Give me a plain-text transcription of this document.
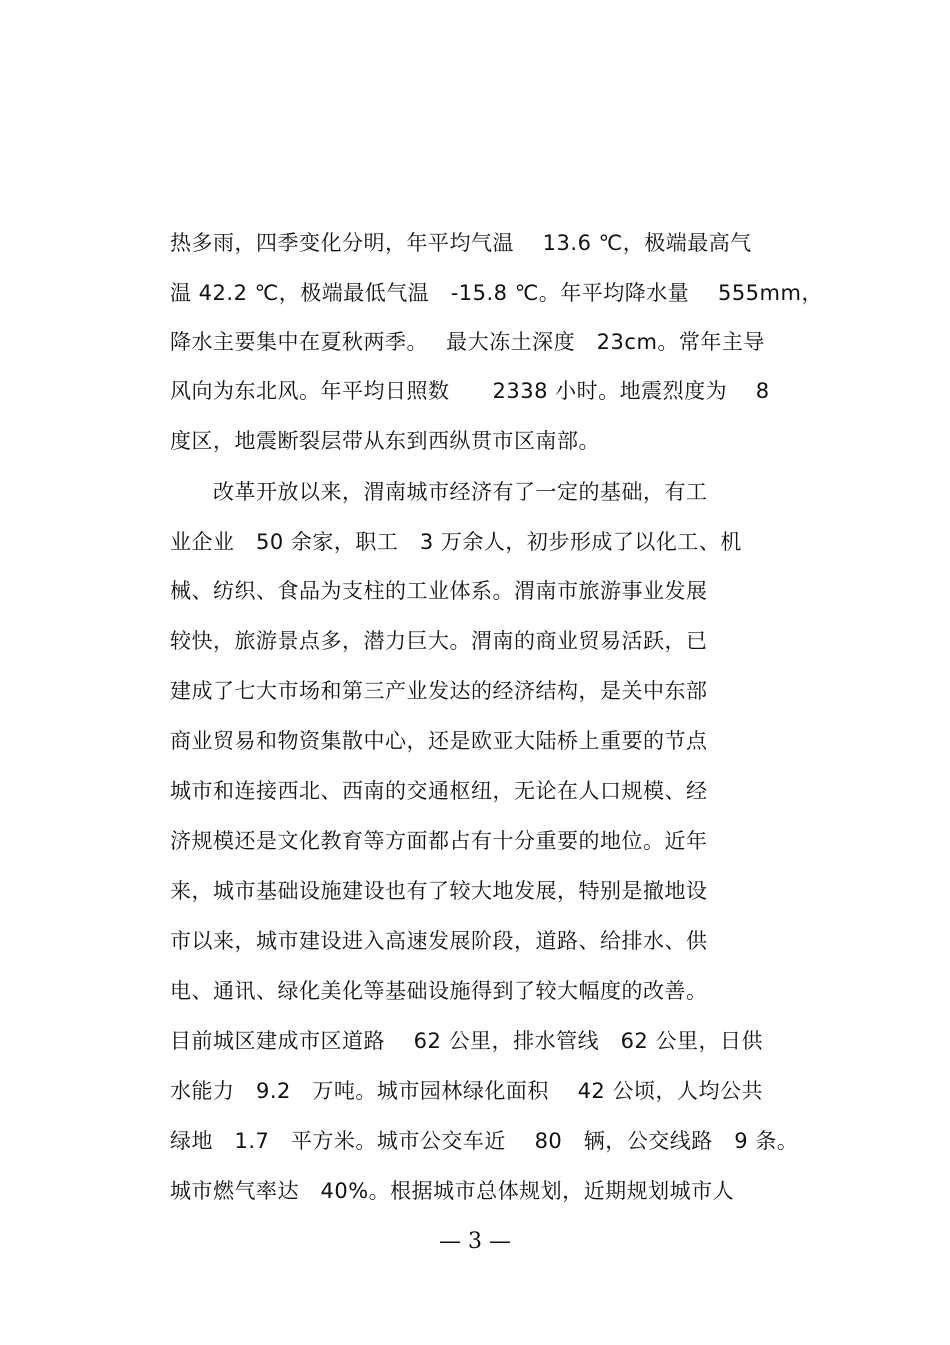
热多雨，四季变化分明，年平均气温　 13.6 ℃，极端最高气
温 42.2 ℃，极端最低气温　-15.8 ℃。年平均降水量　 555mm，
降水主要集中在夏秋两季。　 最大冻土深度　23cm。常年主导
风向为东北风。年平均日照数　　2338 小时。地震烈度为　 8
度区，地震断裂层带从东到西纵贯市区南部。
　　改革开放以来，渭南城市经济有了一定的基础，有工
业企业　50 余家，职工　3 万余人，初步形成了以化工、机
械、纺织、食品为支柱的工业体系。渭南市旅游事业发展
较快，旅游景点多，潜力巨大。渭南的商业贸易活跃，已
建成了七大市场和第三产业发达的经济结构，是关中东部
商业贸易和物资集散中心，还是欧亚大陆桥上重要的节点
城市和连接西北、西南的交通枢纽，无论在人口规模、经
济规模还是文化教育等方面都占有十分重要的地位。近年
来，城市基础设施建设也有了较大地发展，特别是撤地设
市以来，城市建设进入高速发展阶段，道路、给排水、供
电、通讯、绿化美化等基础设施得到了较大幅度的改善。
目前城区建成市区道路　 62 公里，排水管线　62 公里，日供
水能力　9.2　万吨。城市园林绿化面积　 42 公顷，人均公共
绿地　1.7　平方米。城市公交车近　 80　辆，公交线路　9 条。
城市燃气率达　40%。根据城市总体规划，近期规划城市人
— 3 —
